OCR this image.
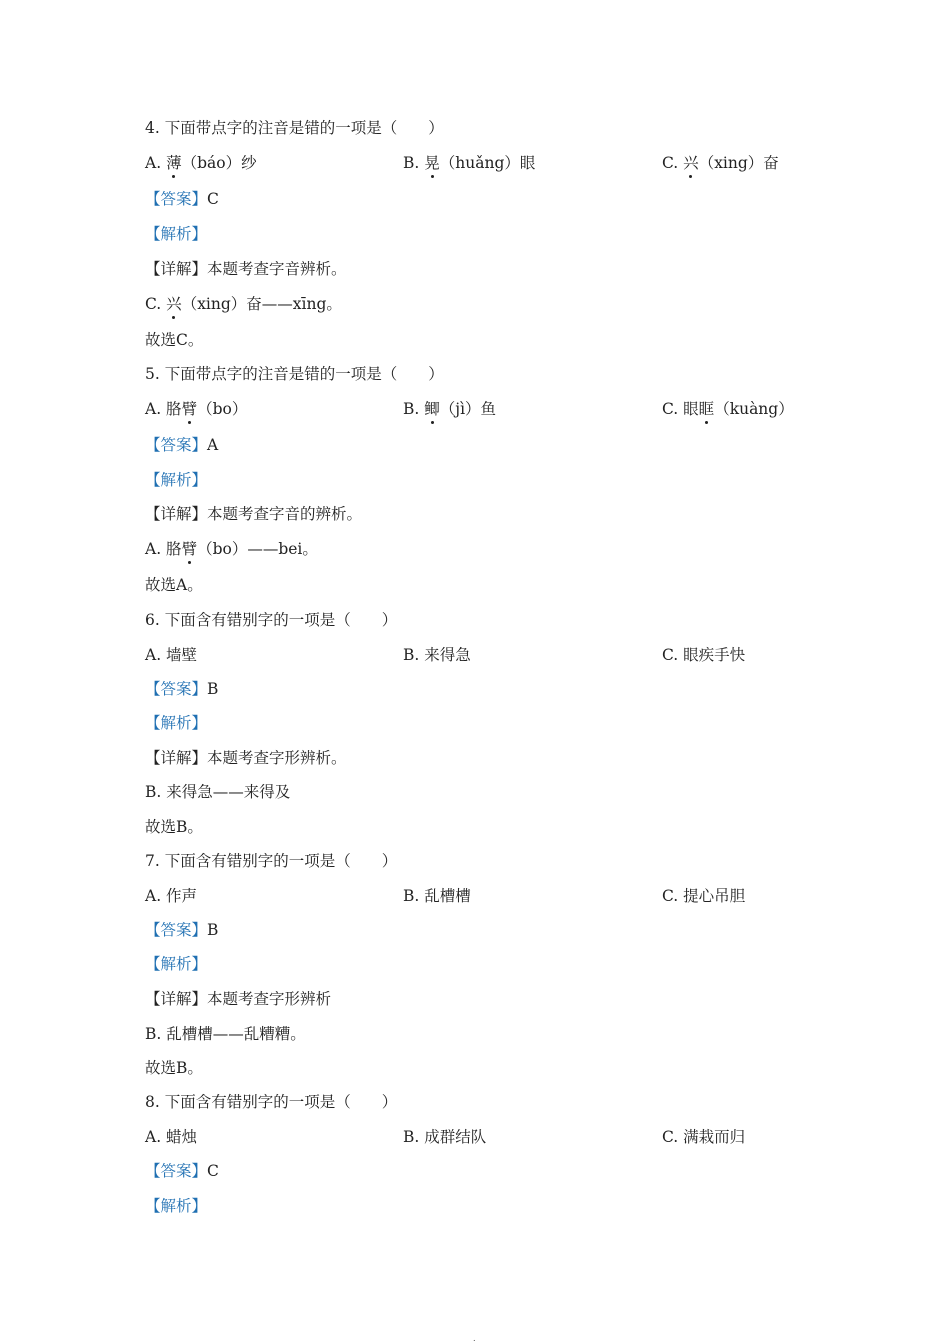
4. 下面带点字的注音是错的一项是（　　）
A. 薄（báo）纱	B. 晃（huǎng）眼	C. 兴（xing）奋
【答案】C
【解析】
【详解】本题考查字音辨析。
C. 兴（xing）奋——xīng。
故选C。
5. 下面带点字的注音是错的一项是（　　）
A. 胳臂（bo）	B. 鲫（jì）鱼	C. 眼眶（kuàng）
【答案】A
【解析】
【详解】本题考查字音的辨析。
A. 胳臂（bo）——bei。
故选A。
6. 下面含有错别字的一项是（　　）
A. 墙壁	B. 来得急	C. 眼疾手快
【答案】B
【解析】
【详解】本题考查字形辨析。
B. 来得急——来得及
故选B。
7. 下面含有错别字的一项是（　　）
A. 作声	B. 乱槽槽	C. 提心吊胆
【答案】B
【解析】
【详解】本题考查字形辨析
B. 乱槽槽——乱糟糟。
故选B。
8. 下面含有错别字的一项是（　　）
A. 蜡烛	B. 成群结队	C. 满栽而归
【答案】C
【解析】
.
